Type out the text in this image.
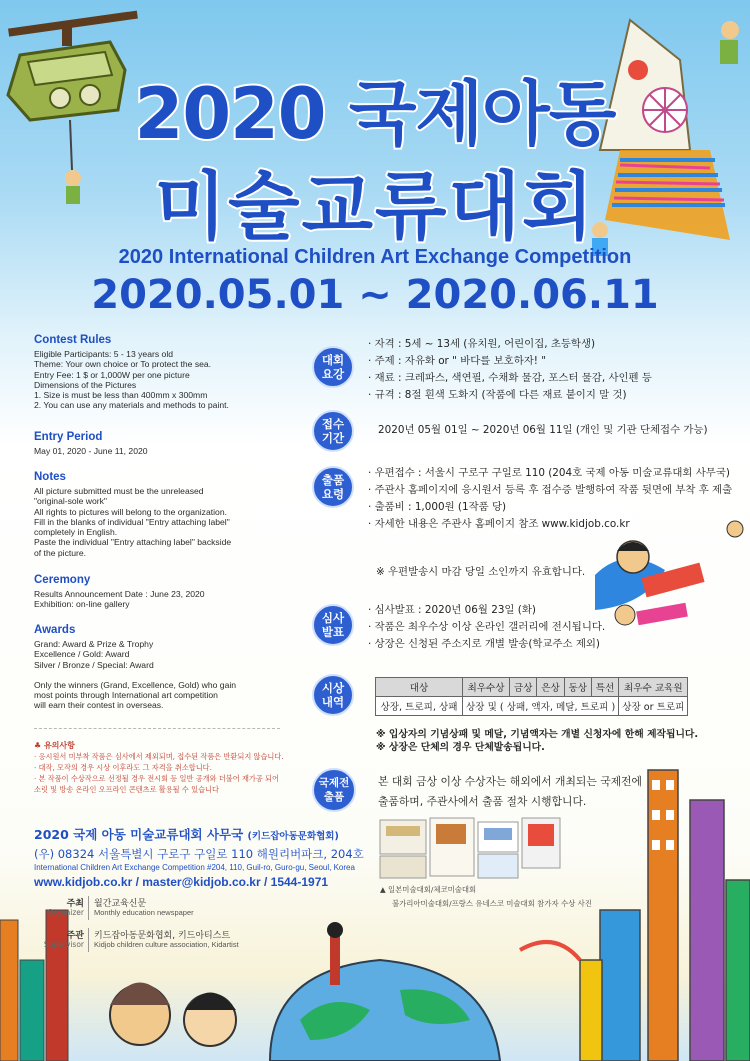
2020 국제아동
미술교류대회
2020 International Children Art Exchange Competition
2020.05.01 ~ 2020.06.11
Contest Rules
Eligible Participants: 5 - 13 years old
Theme: Your own choice or To protect the sea.
Entry Fee: 1 $ or 1,000W per one picture
Dimensions of the Pictures
1. Size is must be less than 400mm x 300mm
2. You can use any materials and methods to paint.
Entry Period
May 01, 2020 - June 11, 2020
Notes
All picture submitted must be the unreleased
"original-sole work"
All rights to pictures will belong to the organization.
Fill in the blanks of individual "Entry attaching label"
completely in English.
Paste the individual "Entry attaching label" backside
of the picture.
Ceremony
Results Announcement Date : June 23, 2020
Exhibition: on-line gallery
Awards
Grand: Award & Prize & Trophy
Excellence / Gold: Award
Silver / Bronze / Special: Award
Only the winners (Grand, Excellence, Gold) who gain
most points through International art competition
will earn their contest in overseas.
♣ 유의사항
· 응시원서 미부착 작품은 심사에서 제외되며, 접수된 작품은 반환되지 않습니다.
· 대작, 모작의 경우 시상 이후라도 그 자격을 취소합니다.
· 본 작품이 수상작으로 선정될 경우 전시회 등 일반 공개와 더불어 재가공 되어
소릿 및 방송 온라인 오프라인 콘텐츠로 활용될 수 있습니다
2020 국제 아동 미술교류대회 사무국 (키드잡아동문화협회)
(우) 08324 서울특별시 구로구 구일로 110 해원리버파크, 204호
International Children Art Exchange Competition #204, 110, Guil-ro, Guro-gu, Seoul, Korea
www.kidjob.co.kr / master@kidjob.co.kr / 1544-1971
주최
Organizer
월간교육신문
Monthly education newspaper
주관
Supervisor
키드잡아동문화협회, 키드아티스트
Kidjob children culture association, Kidartist
대회
요강
· 자격 : 5세 ~ 13세 (유치원, 어린이집, 초등학생)
· 주제 : 자유화 or " 바다를 보호하자! "
· 재료 : 크레파스, 색연필, 수채화 물감, 포스터 물감, 사인펜 등
· 규격 : 8절 흰색 도화지 (작품에 다른 재료 붙이지 말 것)
접수
기간
2020년 05월 01일 ~ 2020년 06월 11일 (개인 및 기관 단체접수 가능)
출품
요령
· 우편접수 : 서울시 구로구 구일로 110 (204호 국제 아동 미술교류대회 사무국)
· 주관사 홈페이지에 응시원서 등록 후 접수증 발행하여 작품 뒷면에 부착 후 제출
· 출품비 : 1,000원 (1작품 당)
· 자세한 내용은 주관사 홈페이지 참조 www.kidjob.co.kr
※ 우편발송시 마감 당일 소인까지 유효합니다.
심사
발표
· 심사발표 : 2020년 06월 23일 (화)
· 작품은 최우수상 이상 온라인 갤러리에 전시됩니다.
· 상장은 신청된 주소지로 개별 발송(학교주소 제외)
시상
내역
대상	최우수상	금상	은상	동상	특선	최우수 교육원
상장, 트로피, 상패	상장 및 ( 상패, 액자, 메달, 트로피 )					상장 or 트로피
※ 입상자의 기념상패 및 메달, 기념액자는 개별 신청자에 한해 제작됩니다.
※ 상장은 단체의 경우 단체발송됩니다.
국제전
출품
본 대회 금상 이상 수상자는 해외에서 개최되는 국제전에
출품하며, 주관사에서 출품 절차 시행합니다.
▲ 일본미술대회/체코미술대회
불가리아미술대회/프랑스 유네스코 미술대회 참가자 수상 사진
